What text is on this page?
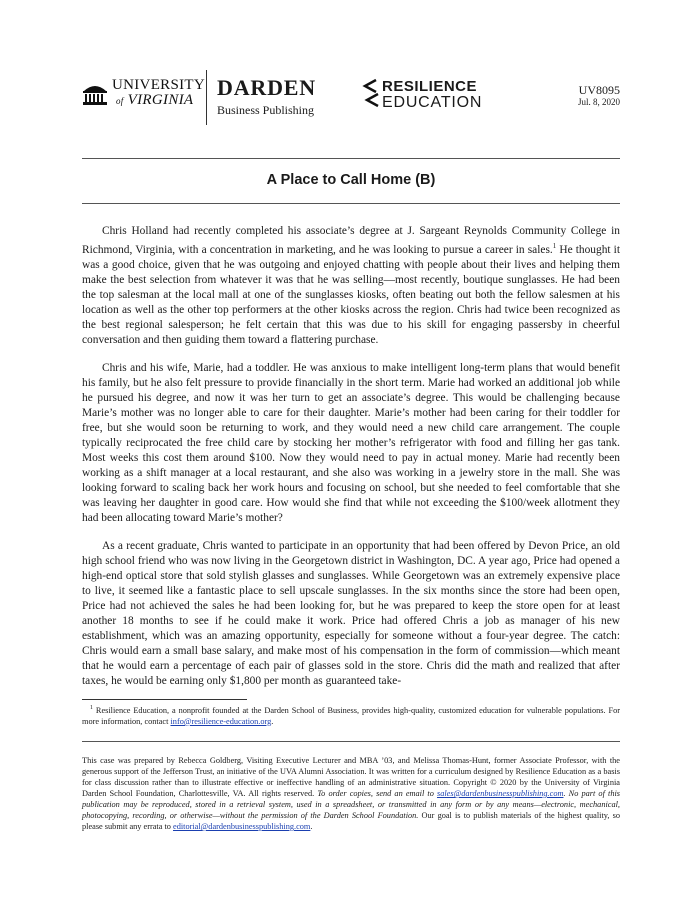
UNIVERSITY
of VIRGINIA	DARDEN
Business Publishing
RESILIENCE
EDUCATION
UV8095
Jul. 8, 2020
A Place to Call Home (B)

Chris Holland had recently completed his associate’s degree at J. Sargeant Reynolds Community College in Richmond, Virginia, with a concentration in marketing, and he was looking to pursue a career in sales.$^1$ He thought it was a good choice, given that he was outgoing and enjoyed chatting with people about their lives and helping them make the best selection from whatever it was that he was selling—most recently, boutique sunglasses. He had been the top salesman at the local mall at one of the sunglasses kiosks, often beating out both the fellow salesmen at his location as well as the other top performers at the other kiosks across the region. Chris had twice been recognized as the best regional salesperson; he felt certain that this was due to his skill for engaging passersby in cheerful conversation and then guiding them toward a flattering purchase.

Chris and his wife, Marie, had a toddler. He was anxious to make intelligent long-term plans that would benefit his family, but he also felt pressure to provide financially in the short term. Marie had worked an additional job while he pursued his degree, and now it was her turn to get an associate’s degree. This would be challenging because Marie’s mother was no longer able to care for their daughter. Marie’s mother had been caring for their toddler for free, but she would soon be returning to work, and they would need a new child care arrangement. The couple typically reciprocated the free child care by stocking her mother’s refrigerator with food and filling her gas tank. Most weeks this cost them around $100. Now they would need to pay in actual money. Marie had recently been working as a shift manager at a local restaurant, and she also was working in a jewelry store in the mall. She was looking forward to scaling back her work hours and focusing on school, but she needed to feel comfortable that she was leaving her daughter in good care. How would she find that while not exceeding the $100/week allotment they had been allocating toward Marie’s mother?

As a recent graduate, Chris wanted to participate in an opportunity that had been offered by Devon Price, an old high school friend who was now living in the Georgetown district in Washington, DC. A year ago, Price had opened a high-end optical store that sold stylish glasses and sunglasses. While Georgetown was an extremely expensive place to live, it seemed like a fantastic place to sell upscale sunglasses. In the six months since the store had been open, Price had not achieved the sales he had been looking for, but he was prepared to keep the store open for at least another 18 months to see if he could make it work. Price had offered Chris a job as manager of his new establishment, which was an amazing opportunity, especially for someone without a four-year degree. The catch: Chris would earn a small base salary, and make most of his compensation in the form of commission—which meant that he would earn a percentage of each pair of glasses sold in the store. Chris did the math and realized that after taxes, he would be earning only $1,800 per month as guaranteed take-

$^1$ Resilience Education, a nonprofit founded at the Darden School of Business, provides high-quality, customized education for vulnerable populations. For more information, contact info@resilience-education.org.
This case was prepared by Rebecca Goldberg, Visiting Executive Lecturer and MBA ’03, and Melissa Thomas-Hunt, former Associate Professor, with the generous support of the Jefferson Trust, an initiative of the UVA Alumni Association. It was written for a curriculum designed by Resilience Education as a basis for class discussion rather than to illustrate effective or ineffective handling of an administrative situation. Copyright © 2020 by the University of Virginia Darden School Foundation, Charlottesville, VA. All rights reserved. To order copies, send an email to sales@dardenbusinesspublishing.com. No part of this publication may be reproduced, stored in a retrieval system, used in a spreadsheet, or transmitted in any form or by any means—electronic, mechanical, photocopying, recording, or otherwise—without the permission of the Darden School Foundation. Our goal is to publish materials of the highest quality, so please submit any errata to editorial@dardenbusinesspublishing.com.
